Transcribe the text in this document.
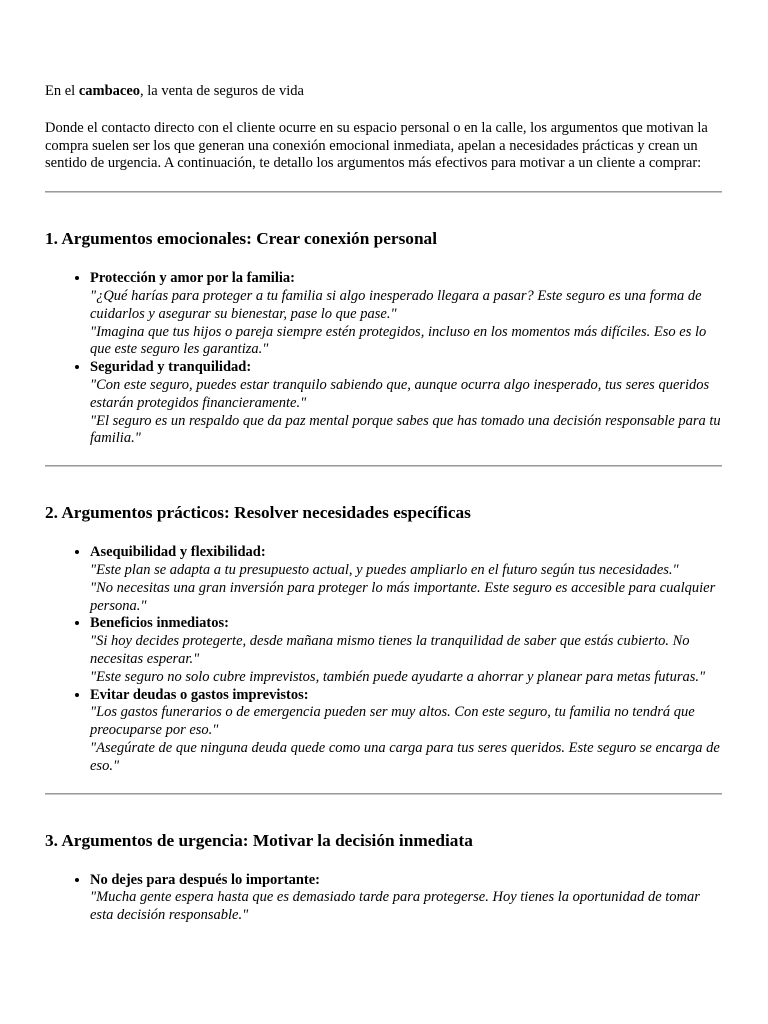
En el cambaceo, la venta de seguros de vida

Donde el contacto directo con el cliente ocurre en su espacio personal o en la calle, los argumentos que motivan la compra suelen ser los que generan una conexión emocional inmediata, apelan a necesidades prácticas y crean un sentido de urgencia. A continuación, te detallo los argumentos más efectivos para motivar a un cliente a comprar:

1. Argumentos emocionales: Crear conexión personal
• Protección y amor por la familia:
"¿Qué harías para proteger a tu familia si algo inesperado llegara a pasar? Este seguro es una forma de cuidarlos y asegurar su bienestar, pase lo que pase."
"Imagina que tus hijos o pareja siempre estén protegidos, incluso en los momentos más difíciles. Eso es lo que este seguro les garantiza."
• Seguridad y tranquilidad:
"Con este seguro, puedes estar tranquilo sabiendo que, aunque ocurra algo inesperado, tus seres queridos estarán protegidos financieramente."
"El seguro es un respaldo que da paz mental porque sabes que has tomado una decisión responsable para tu familia."
2. Argumentos prácticos: Resolver necesidades específicas
• Asequibilidad y flexibilidad:
"Este plan se adapta a tu presupuesto actual, y puedes ampliarlo en el futuro según tus necesidades."
"No necesitas una gran inversión para proteger lo más importante. Este seguro es accesible para cualquier persona."
• Beneficios inmediatos:
"Si hoy decides protegerte, desde mañana mismo tienes la tranquilidad de saber que estás cubierto. No necesitas esperar."
"Este seguro no solo cubre imprevistos, también puede ayudarte a ahorrar y planear para metas futuras."
• Evitar deudas o gastos imprevistos:
"Los gastos funerarios o de emergencia pueden ser muy altos. Con este seguro, tu familia no tendrá que preocuparse por eso."
"Asegúrate de que ninguna deuda quede como una carga para tus seres queridos. Este seguro se encarga de eso."
3. Argumentos de urgencia: Motivar la decisión inmediata
• No dejes para después lo importante:
"Mucha gente espera hasta que es demasiado tarde para protegerse. Hoy tienes la oportunidad de tomar esta decisión responsable."
